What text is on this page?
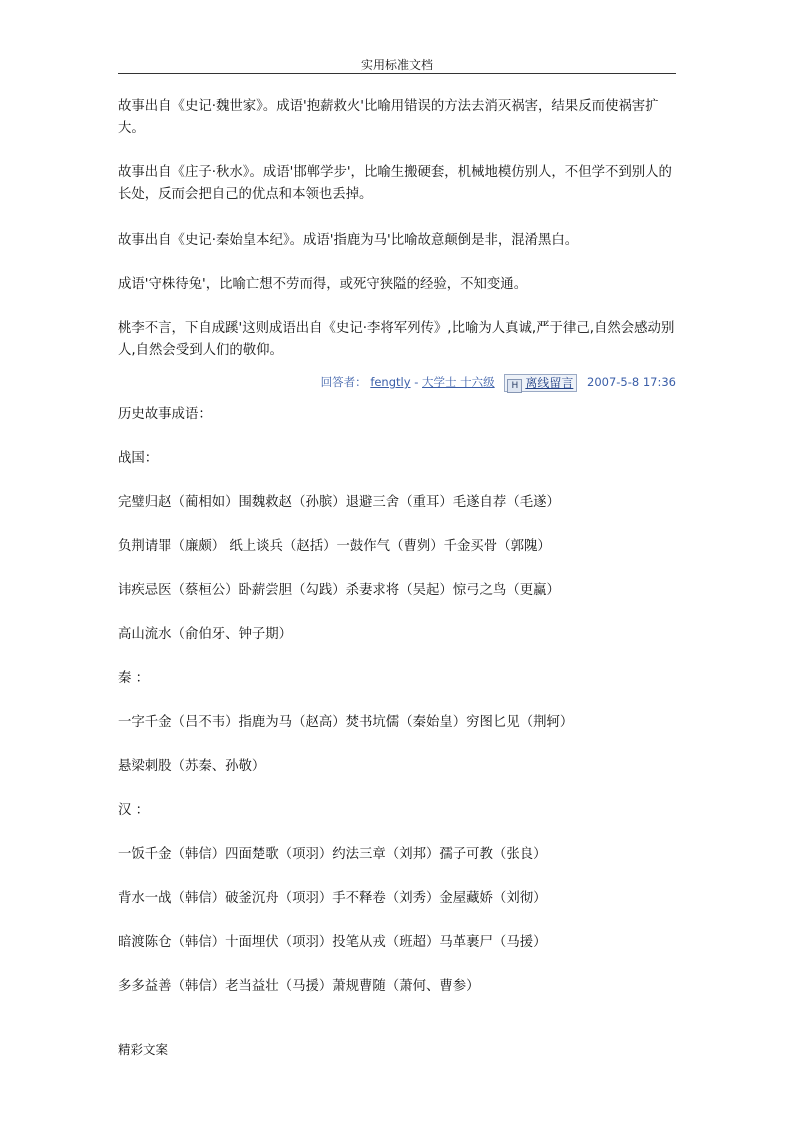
实用标准文档

故事出自《史记·魏世家》。成语'抱薪救火'比喻用错误的方法去消灭祸害，结果反而使祸害扩大。

故事出自《庄子·秋水》。成语'邯郸学步'，比喻生搬硬套，机械地模仿别人，不但学不到别人的长处，反而会把自己的优点和本领也丢掉。

故事出自《史记·秦始皇本纪》。成语'指鹿为马'比喻故意颠倒是非，混淆黑白。

成语'守株待兔'，比喻亡想不劳而得，或死守狭隘的经验，不知变通。

桃李不言，下自成蹊'这则成语出自《史记·李将军列传》,比喻为人真诚,严于律己,自然会感动别人,自然会受到人们的敬仰。

回答者： fengtly - 大学士 十六级 H 离线留言 2007-5-8 17:36
历史故事成语：
战国：
完璧归赵（蔺相如）围魏救赵（孙膑）退避三舍（重耳）毛遂自荐（毛遂）
负荆请罪（廉颇） 纸上谈兵（赵括）一鼓作气（曹刿）千金买骨（郭隗）
讳疾忌医（蔡桓公）卧薪尝胆（勾践）杀妻求将（吴起）惊弓之鸟（更赢）
高山流水（俞伯牙、钟子期）
秦 ：
一字千金（吕不韦）指鹿为马（赵高）焚书坑儒（秦始皇）穷图匕见（荆轲）
悬梁刺股（苏秦、孙敬）
汉 ：
一饭千金（韩信）四面楚歌（项羽）约法三章（刘邦）孺子可教（张良）
背水一战（韩信）破釜沉舟（项羽）手不释卷（刘秀）金屋藏娇（刘彻）
暗渡陈仓（韩信）十面埋伏（项羽）投笔从戎（班超）马革裹尸（马援）
多多益善（韩信）老当益壮（马援）萧规曹随（萧何、曹参）
精彩文案
